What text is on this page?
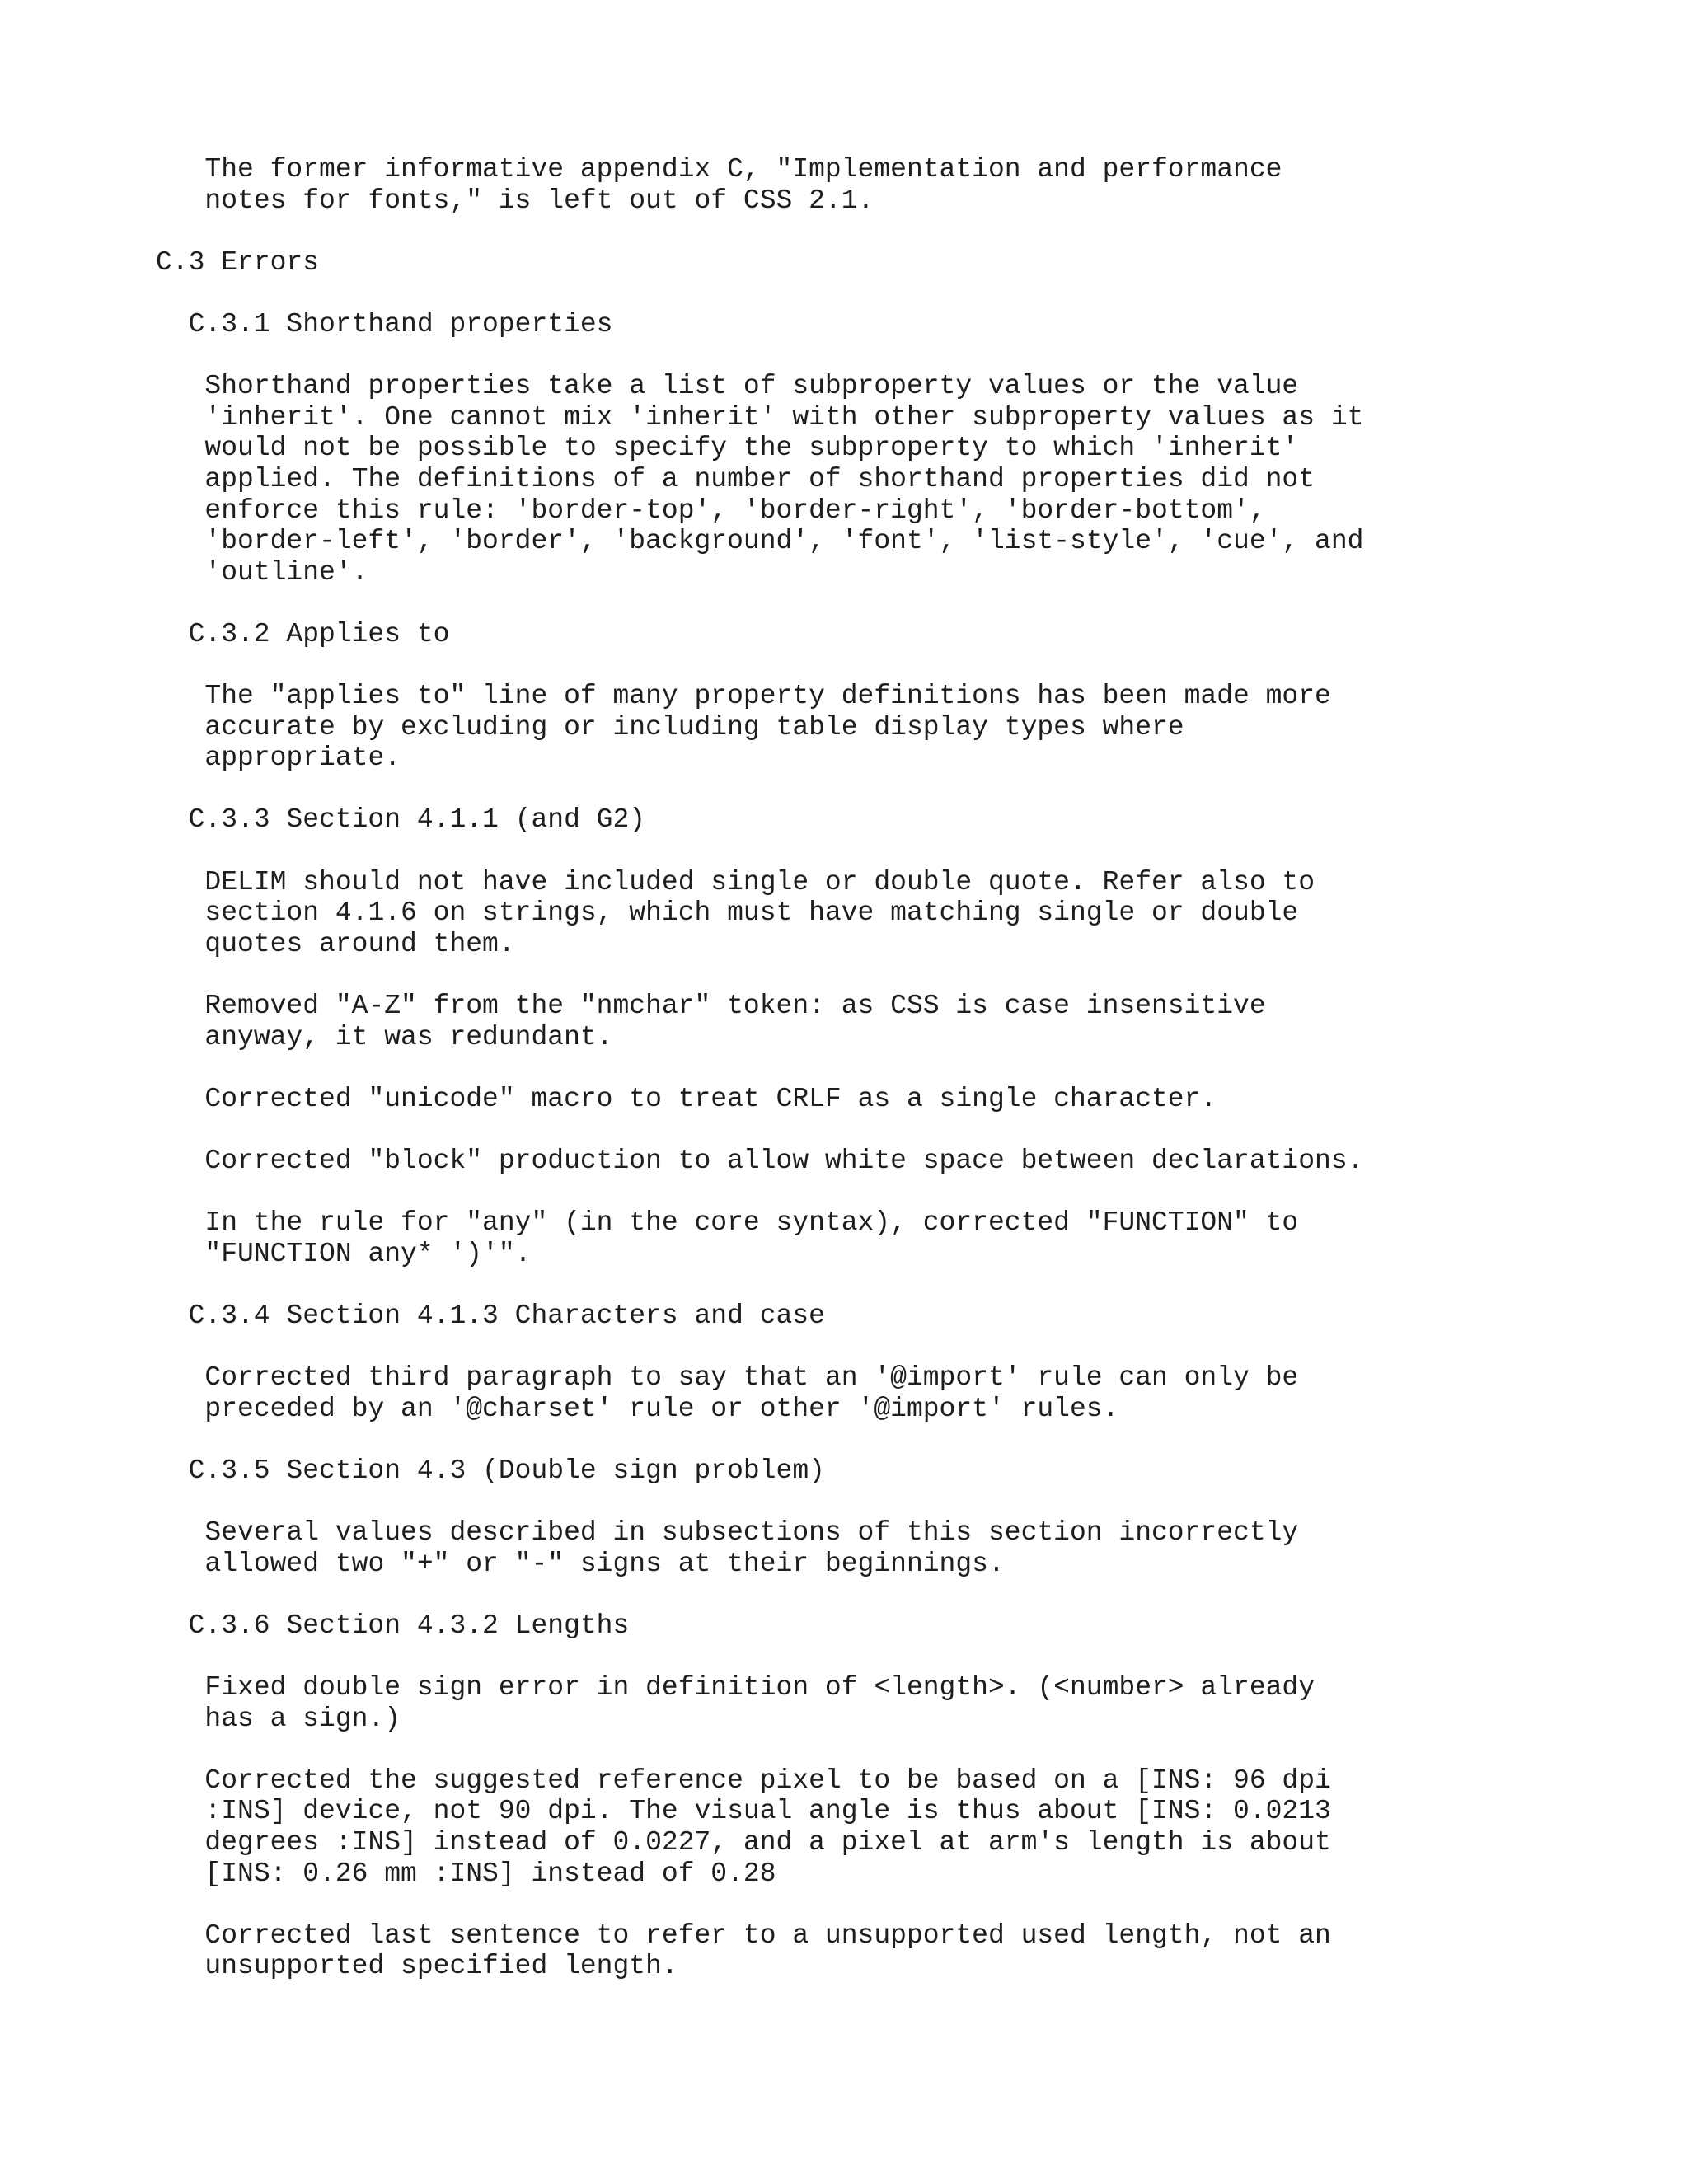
The former informative appendix C, "Implementation and performance
notes for fonts," is left out of CSS 2.1.
C.3 Errors
C.3.1 Shorthand properties
Shorthand properties take a list of subproperty values or the value
'inherit'. One cannot mix 'inherit' with other subproperty values as it
would not be possible to specify the subproperty to which 'inherit'
applied. The definitions of a number of shorthand properties did not
enforce this rule: 'border-top', 'border-right', 'border-bottom',
'border-left', 'border', 'background', 'font', 'list-style', 'cue', and
'outline'.
C.3.2 Applies to
The "applies to" line of many property definitions has been made more
accurate by excluding or including table display types where
appropriate.
C.3.3 Section 4.1.1 (and G2)
DELIM should not have included single or double quote. Refer also to
section 4.1.6 on strings, which must have matching single or double
quotes around them.
Removed "A-Z" from the "nmchar" token: as CSS is case insensitive
anyway, it was redundant.
Corrected "unicode" macro to treat CRLF as a single character.
Corrected "block" production to allow white space between declarations.
In the rule for "any" (in the core syntax), corrected "FUNCTION" to
"FUNCTION any* ')'".
C.3.4 Section 4.1.3 Characters and case
Corrected third paragraph to say that an '@import' rule can only be
preceded by an '@charset' rule or other '@import' rules.
C.3.5 Section 4.3 (Double sign problem)
Several values described in subsections of this section incorrectly
allowed two "+" or "-" signs at their beginnings.
C.3.6 Section 4.3.2 Lengths
Fixed double sign error in definition of <length>. (<number> already
has a sign.)
Corrected the suggested reference pixel to be based on a [INS: 96 dpi
:INS] device, not 90 dpi. The visual angle is thus about [INS: 0.0213
degrees :INS] instead of 0.0227, and a pixel at arm's length is about
[INS: 0.26 mm :INS] instead of 0.28
Corrected last sentence to refer to a unsupported used length, not an
unsupported specified length.
